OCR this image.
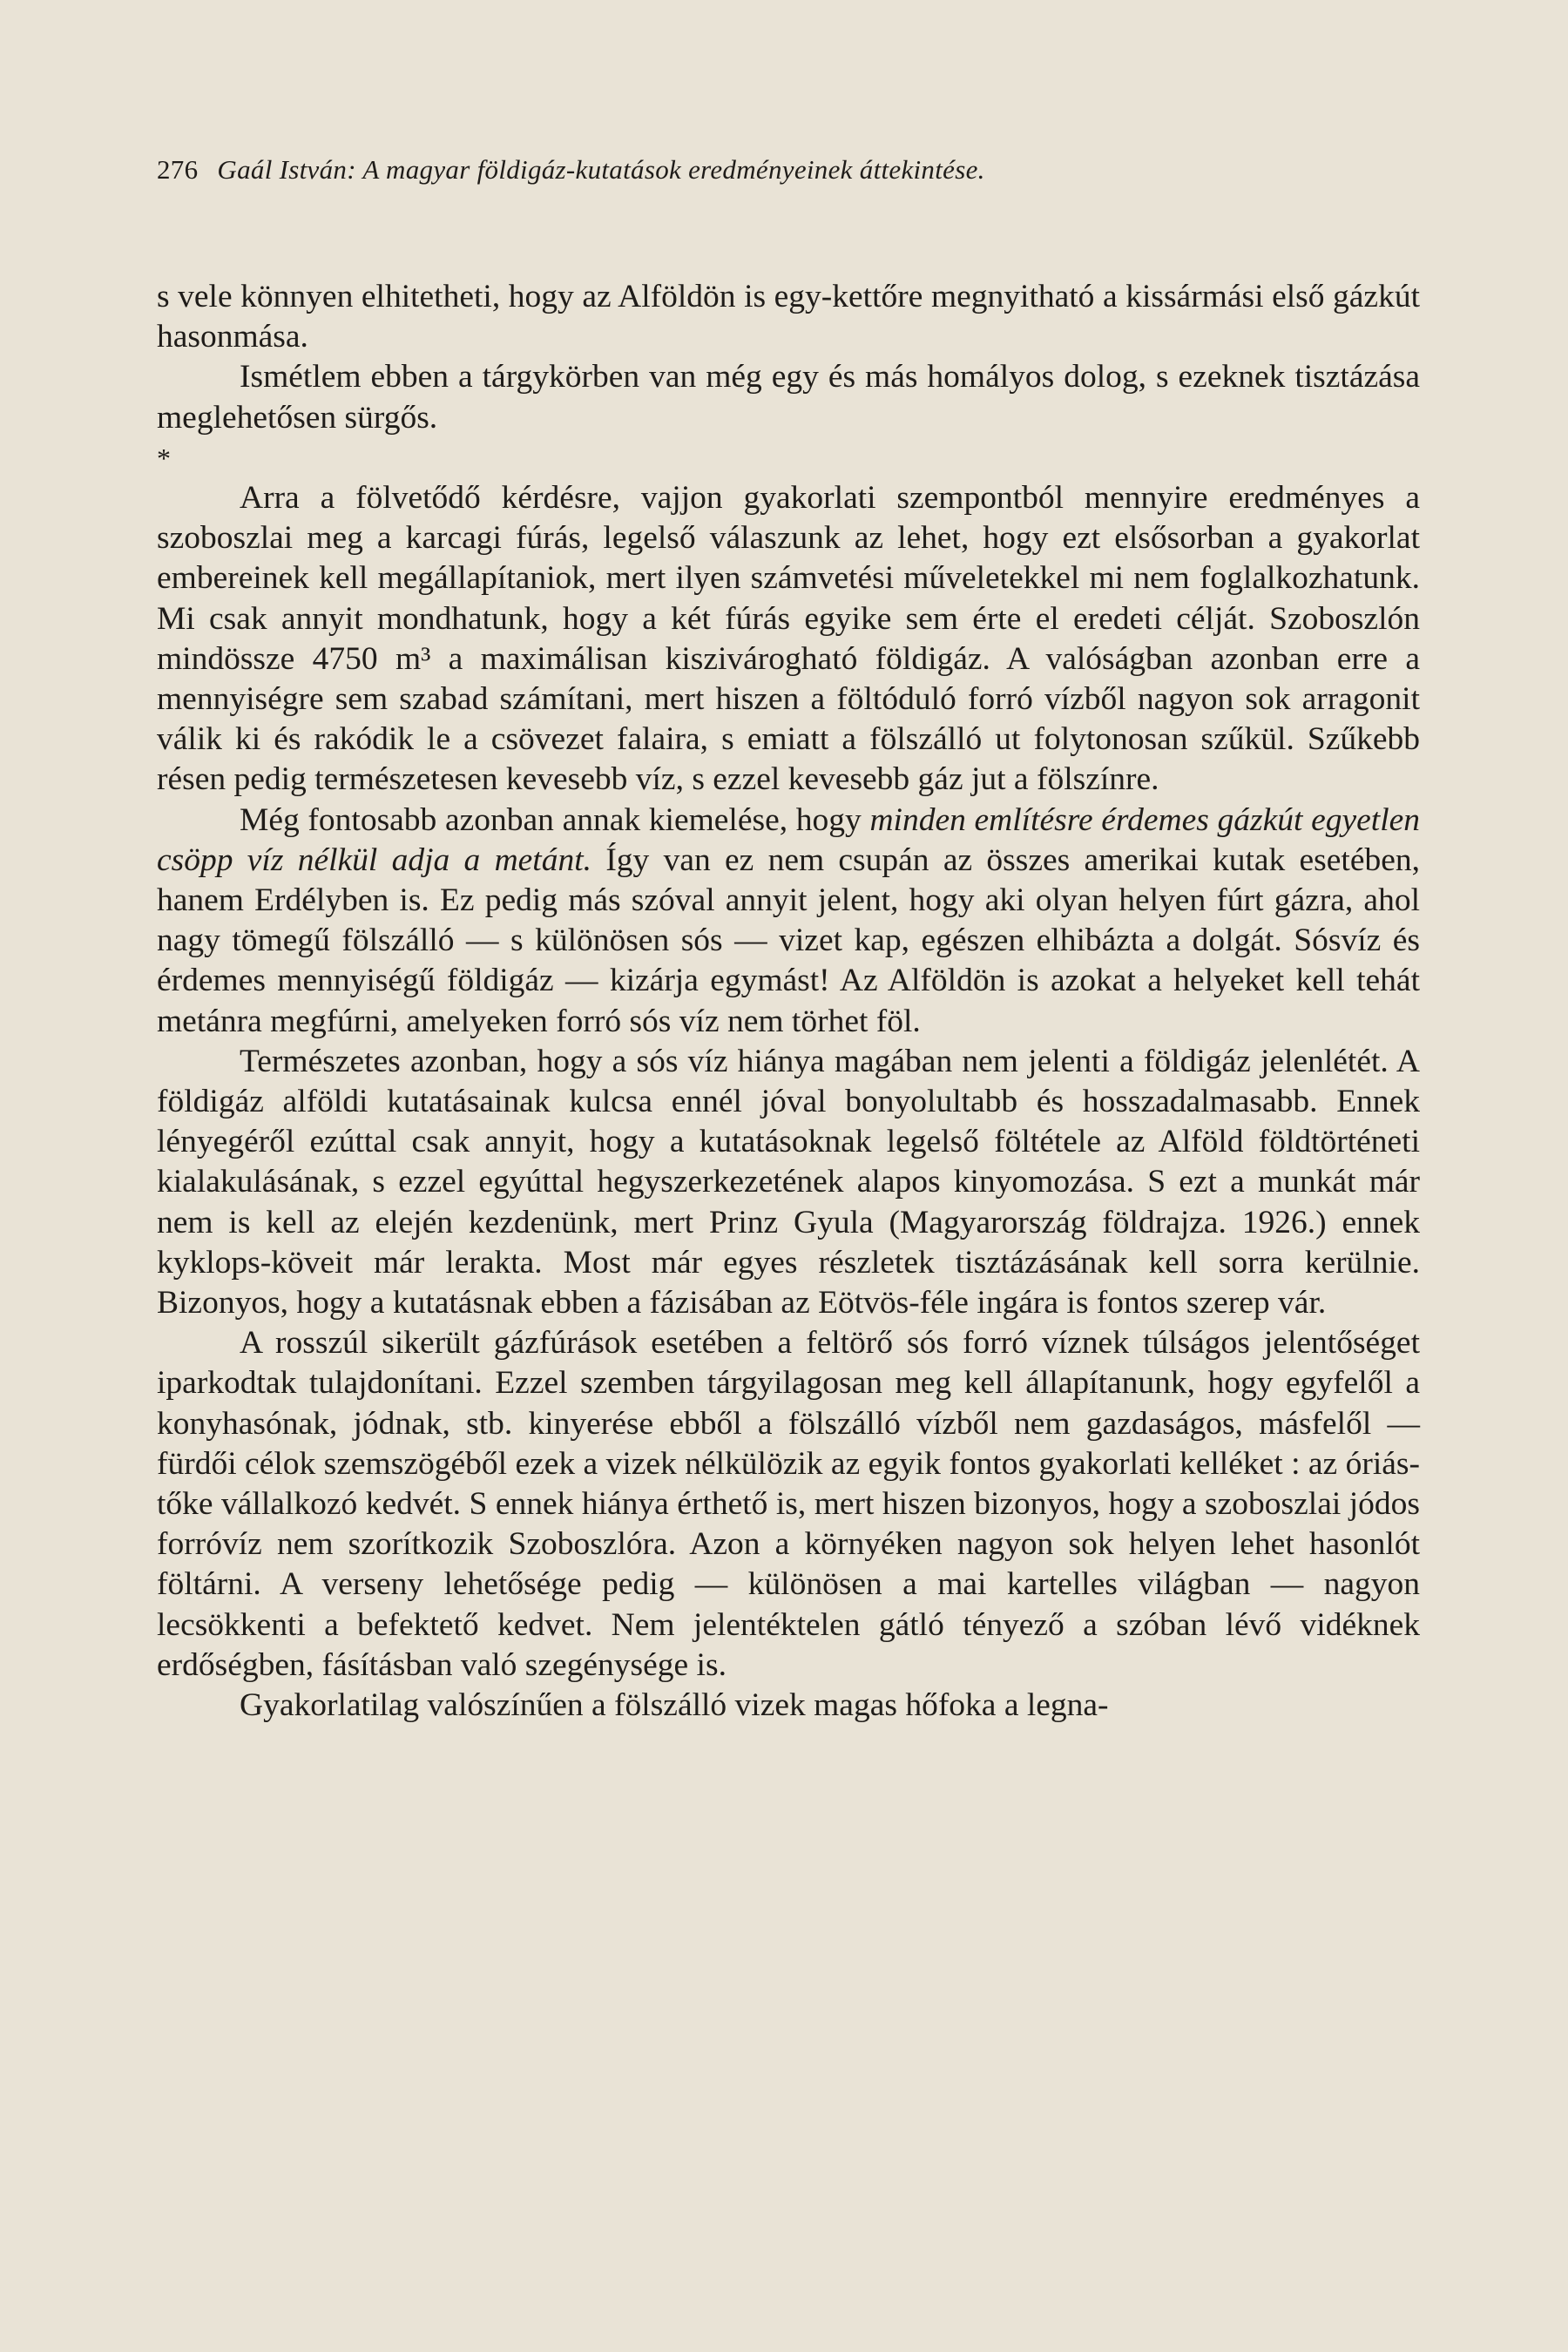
276 Gaál István: A magyar földigáz-kutatások eredményeinek áttekintése.

s vele könnyen elhitetheti, hogy az Alföldön is egy-kettőre megnyitható a kissármási első gázkút hasonmása.

Ismétlem ebben a tárgykörben van még egy és más homályos dolog, s ezeknek tisztázása meglehetősen sürgős.

*

Arra a fölvetődő kérdésre, vajjon gyakorlati szempontból mennyire eredményes a szoboszlai meg a karcagi fúrás, legelső válaszunk az lehet, hogy ezt elsősorban a gyakorlat embereinek kell megállapítaniok, mert ilyen számvetési műveletekkel mi nem foglalkozhatunk. Mi csak annyit mondhatunk, hogy a két fúrás egyike sem érte el eredeti célját. Szoboszlón mindössze 4750 m³ a maximálisan kiszivárogható földigáz. A valóságban azonban erre a mennyiségre sem szabad számítani, mert hiszen a föltóduló forró vízből nagyon sok arragonit válik ki és rakódik le a csövezet falaira, s emiatt a fölszálló ut folytonosan szűkül. Szűkebb résen pedig természetesen kevesebb víz, s ezzel kevesebb gáz jut a fölszínre.

Még fontosabb azonban annak kiemelése, hogy minden említésre érdemes gázkút egyetlen csöpp víz nélkül adja a metánt. Így van ez nem csupán az összes amerikai kutak esetében, hanem Erdélyben is. Ez pedig más szóval annyit jelent, hogy aki olyan helyen fúrt gázra, ahol nagy tömegű fölszálló — s különösen sós — vizet kap, egészen elhibázta a dolgát. Sósvíz és érdemes mennyiségű földigáz — kizárja egymást! Az Alföldön is azokat a helyeket kell tehát metánra megfúrni, amelyeken forró sós víz nem törhet föl.

Természetes azonban, hogy a sós víz hiánya magában nem jelenti a földigáz jelenlétét. A földigáz alföldi kutatásainak kulcsa ennél jóval bonyolultabb és hosszadalmasabb. Ennek lényegéről ezúttal csak annyit, hogy a kutatásoknak legelső föltétele az Alföld földtörténeti kialakulásának, s ezzel egyúttal hegyszerkezetének alapos kinyomozása. S ezt a munkát már nem is kell az elején kezdenünk, mert Prinz Gyula (Magyarország földrajza. 1926.) ennek kyklops-köveit már lerakta. Most már egyes részletek tisztázásának kell sorra kerülnie. Bizonyos, hogy a kutatásnak ebben a fázisában az Eötvös-féle ingára is fontos szerep vár.

A rosszúl sikerült gázfúrások esetében a feltörő sós forró víznek túlságos jelentőséget iparkodtak tulajdonítani. Ezzel szemben tárgyilagosan meg kell állapítanunk, hogy egyfelől a konyhasónak, jódnak, stb. kinyerése ebből a fölszálló vízből nem gazdaságos, másfelől — fürdői célok szemszögéből ezek a vizek nélkülözik az egyik fontos gyakorlati kelléket : az óriás-tőke vállalkozó kedvét. S ennek hiánya érthető is, mert hiszen bizonyos, hogy a szoboszlai jódos forróvíz nem szorítkozik Szoboszlóra. Azon a környéken nagyon sok helyen lehet hasonlót föltárni. A verseny lehetősége pedig — különösen a mai kartelles világban — nagyon lecsökkenti a befektető kedvet. Nem jelentéktelen gátló tényező a szóban lévő vidéknek erdőségben, fásításban való szegénysége is.

Gyakorlatilag valószínűen a fölszálló vizek magas hőfoka a legna-
